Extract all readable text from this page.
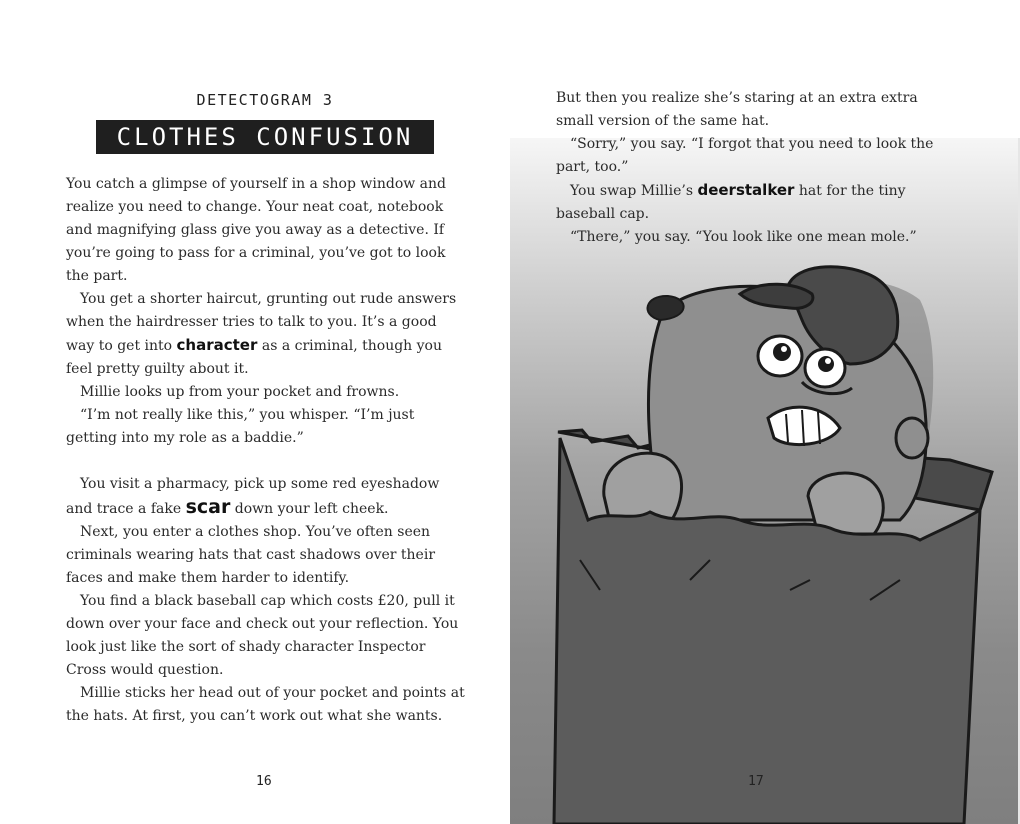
DETECTOGRAM 3
CLOTHES CONFUSION

You catch a glimpse of yourself in a shop window and realize you need to change. Your neat coat, notebook and magnifying glass give you away as a detective. If you’re going to pass for a criminal, you’ve got to look the part.

You get a shorter haircut, grunting out rude answers when the hairdresser tries to talk to you. It’s a good way to get into character as a criminal, though you feel pretty guilty about it.

Millie looks up from your pocket and frowns.

“I’m not really like this,” you whisper. “I’m just getting into my role as a baddie.”

You visit a pharmacy, pick up some red eyeshadow and trace a fake scar down your left cheek.

Next, you enter a clothes shop. You’ve often seen criminals wearing hats that cast shadows over their faces and make them harder to identify.

You find a black baseball cap which costs £20, pull it down over your face and check out your reflection. You look just like the sort of shady character Inspector Cross would question.

Millie sticks her head out of your pocket and points at the hats. At first, you can’t work out what she wants.

16

But then you realize she’s staring at an extra extra small version of the same hat.

“Sorry,” you say. “I forgot that you need to look the part, too.”

You swap Millie’s deerstalker hat for the tiny baseball cap.

“There,” you say. “You look like one mean mole.”

17
